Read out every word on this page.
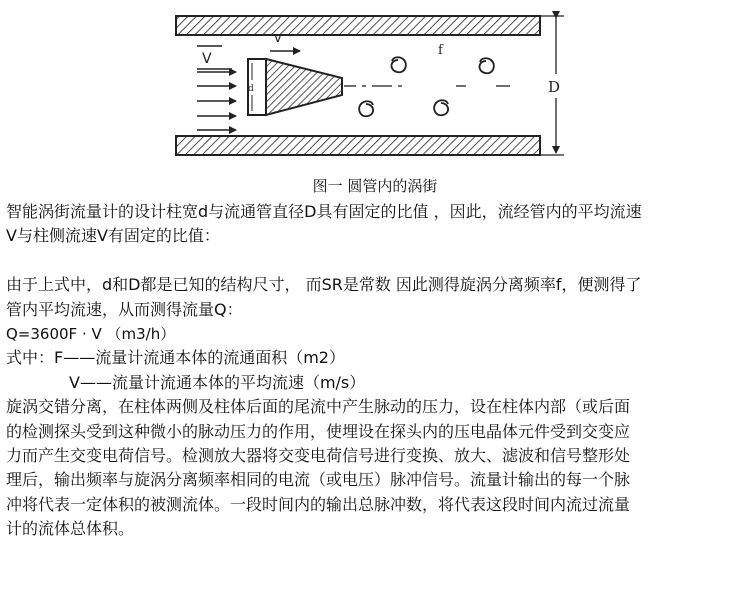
d
V
v
f
D
图一 圆管内的涡街

智能涡街流量计的设计柱宽d与流通管直径D具有固定的比值 ，因此，流经管内的平均流速

V与柱侧流速V有固定的比值：

由于上式中，d和D都是已知的结构尺寸， 而SR是常数 因此测得旋涡分离频率f，便测得了

管内平均流速，从而测得流量Q：

Q=3600F · V （m3/h）

式中：F——流量计流通本体的流通面积（m2）

V——流量计流通本体的平均流速（m/s）

旋涡交错分离，在柱体两侧及柱体后面的尾流中产生脉动的压力，设在柱体内部（或后面

的检测探头受到这种微小的脉动压力的作用，使埋设在探头内的压电晶体元件受到交变应

力而产生交变电荷信号。检测放大器将交变电荷信号进行变换、放大、滤波和信号整形处

理后，输出频率与旋涡分离频率相同的电流（或电压）脉冲信号。流量计输出的每一个脉

冲将代表一定体积的被测流体。一段时间内的输出总脉冲数，将代表这段时间内流过流量

计的流体总体积。
